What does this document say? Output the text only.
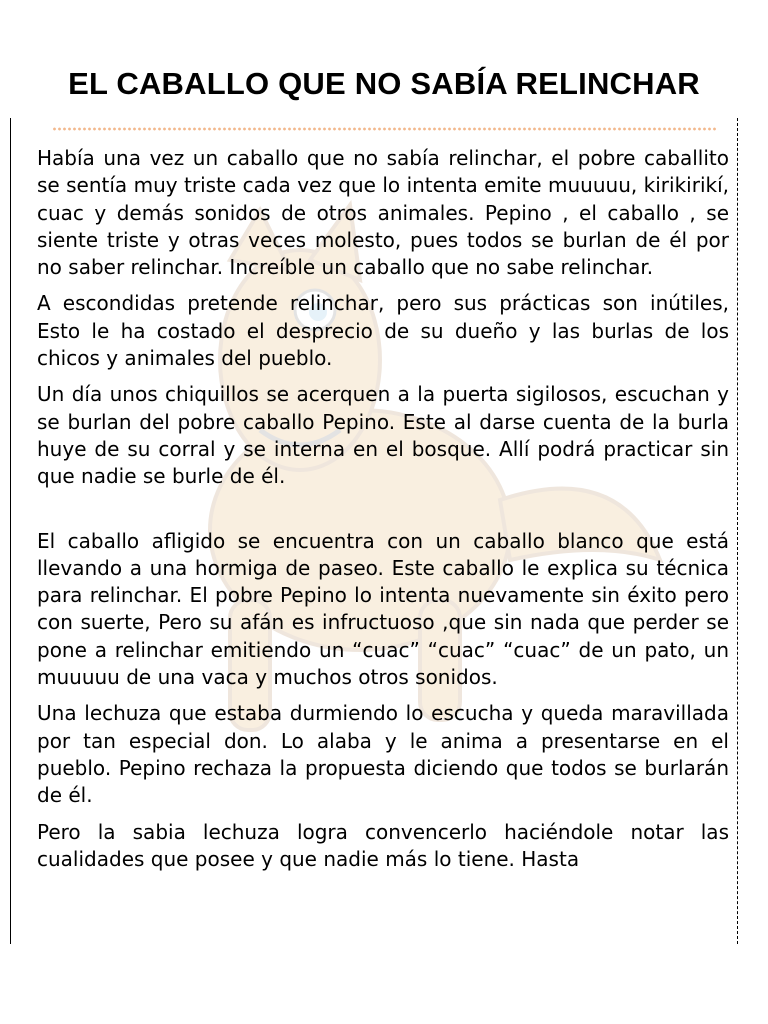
EL CABALLO QUE NO SABÍA RELINCHAR

Había una vez un caballo que no sabía relinchar, el pobre caballito se sentía muy triste cada vez que lo intenta emite muuuuu, kirikirikí, cuac y demás sonidos de otros animales. Pepino , el caballo , se siente triste y otras veces molesto, pues todos se burlan de él por no saber relinchar. Increíble un caballo que no sabe relinchar.

A escondidas pretende relinchar, pero sus prácticas son inútiles, Esto le ha costado el desprecio de su dueño y las burlas de los chicos y animales del pueblo.

Un día unos chiquillos se acerquen a la puerta sigilosos, escuchan y se burlan del pobre caballo Pepino. Este al darse cuenta de la burla huye de su corral y se interna en el bosque. Allí podrá practicar sin que nadie se burle de él.

El caballo afligido se encuentra con un caballo blanco que está llevando a una hormiga de paseo. Este caballo le explica su técnica para relinchar. El pobre Pepino lo intenta nuevamente sin éxito pero con suerte, Pero su afán es infructuoso ,que sin nada que perder se pone a relinchar emitiendo un “cuac” “cuac” “cuac” de un pato, un muuuuu de una vaca y muchos otros sonidos.

Una lechuza que estaba durmiendo lo escucha y queda maravillada por tan especial don. Lo alaba y le anima a presentarse en el pueblo. Pepino rechaza la propuesta diciendo que todos se burlarán de él.

Pero la sabia lechuza logra convencerlo haciéndole notar las cualidades que posee y que nadie más lo tiene. Hasta
